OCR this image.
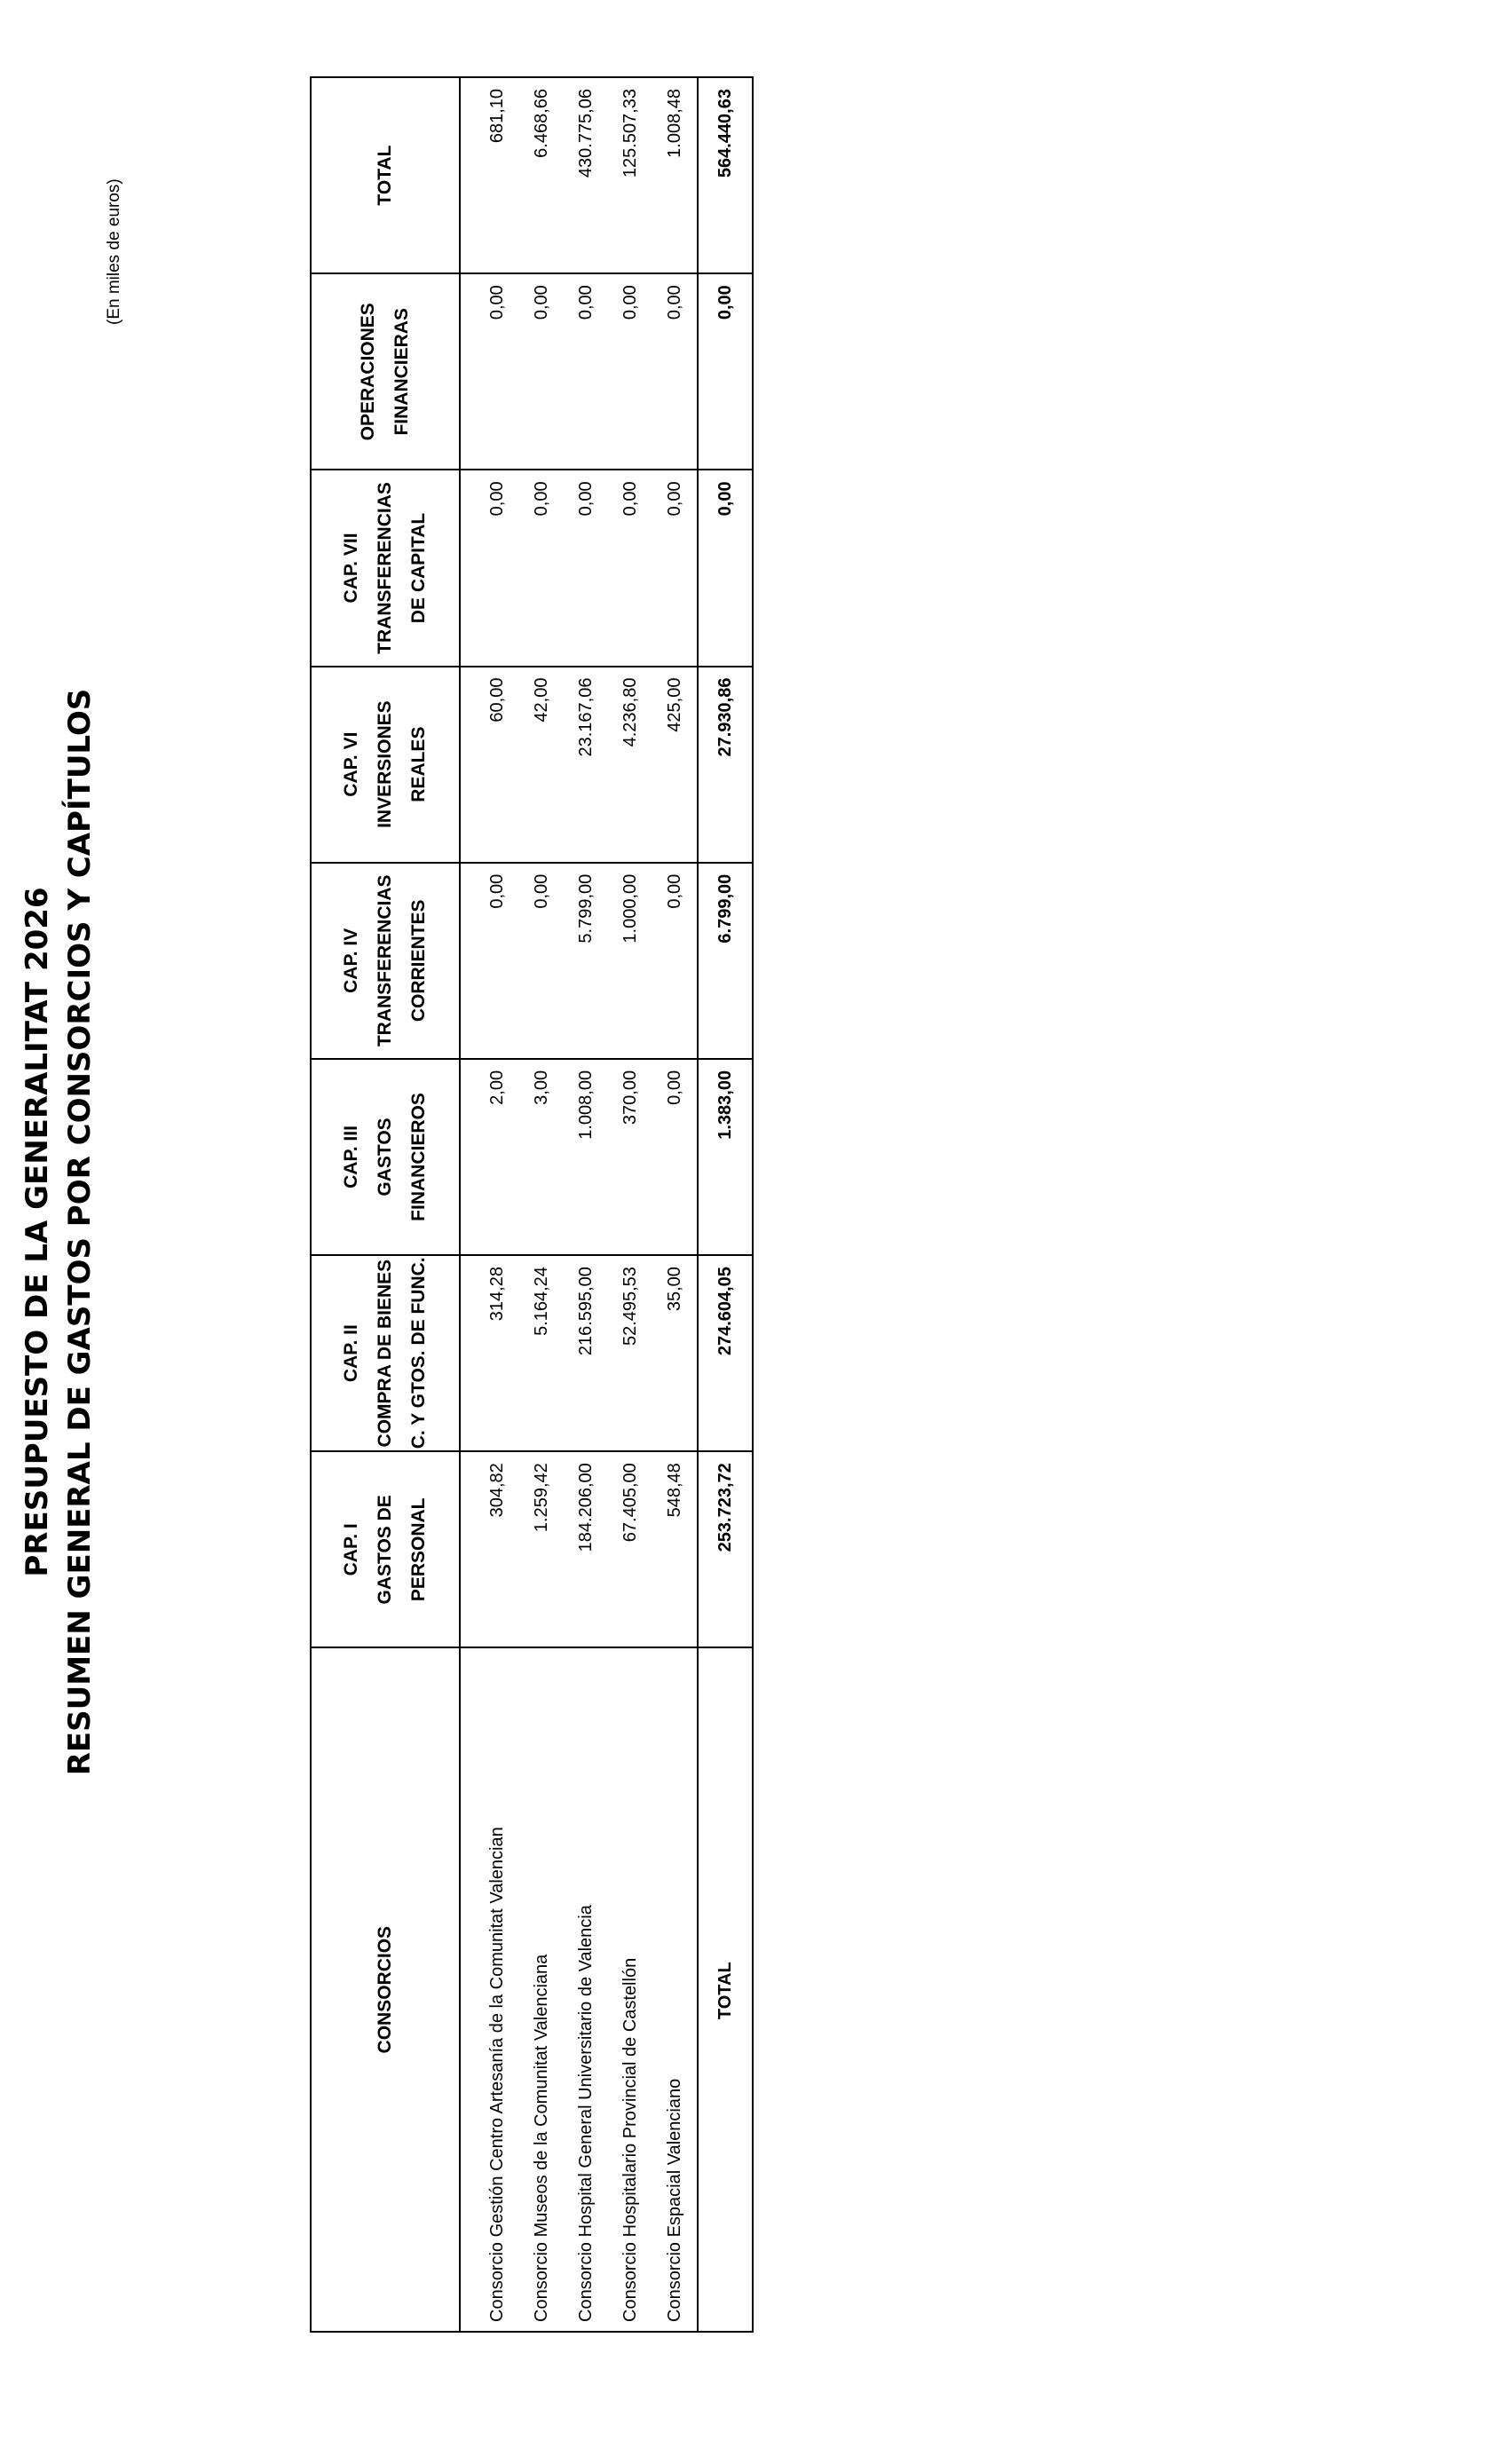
PRESUPUESTO DE LA GENERALITAT 2026 RESUMEN GENERAL DE GASTOS POR CONSORCIOS Y CAPÍTULOS
(En miles de euros)
CONSORCIOS	CAP. I GASTOS DE PERSONAL	CAP. II COMPRA DE BIENES C. Y GTOS. DE FUNC.	CAP. III GASTOS FINANCIEROS	CAP. IV TRANSFERENCIAS CORRIENTES	CAP. VI INVERSIONES REALES	CAP. VII TRANSFERENCIAS DE CAPITAL	OPERACIONES FINANCIERAS	TOTAL
Consorcio Gestión Centro Artesanía de la Comunitat Valencian	304,82	314,28	2,00	0,00	60,00	0,00	0,00	681,10
Consorcio Museos de la Comunitat Valenciana	1.259,42	5.164,24	3,00	0,00	42,00	0,00	0,00	6.468,66
Consorcio Hospital General Universitario de Valencia	184.206,00	216.595,00	1.008,00	5.799,00	23.167,06	0,00	0,00	430.775,06
Consorcio Hospitalario Provincial de Castellón	67.405,00	52.495,53	370,00	1.000,00	4.236,80	0,00	0,00	125.507,33
Consorcio Espacial Valenciano	548,48	35,00	0,00	0,00	425,00	0,00	0,00	1.008,48
TOTAL	253.723,72	274.604,05	1.383,00	6.799,00	27.930,86	0,00	0,00	564.440,63
